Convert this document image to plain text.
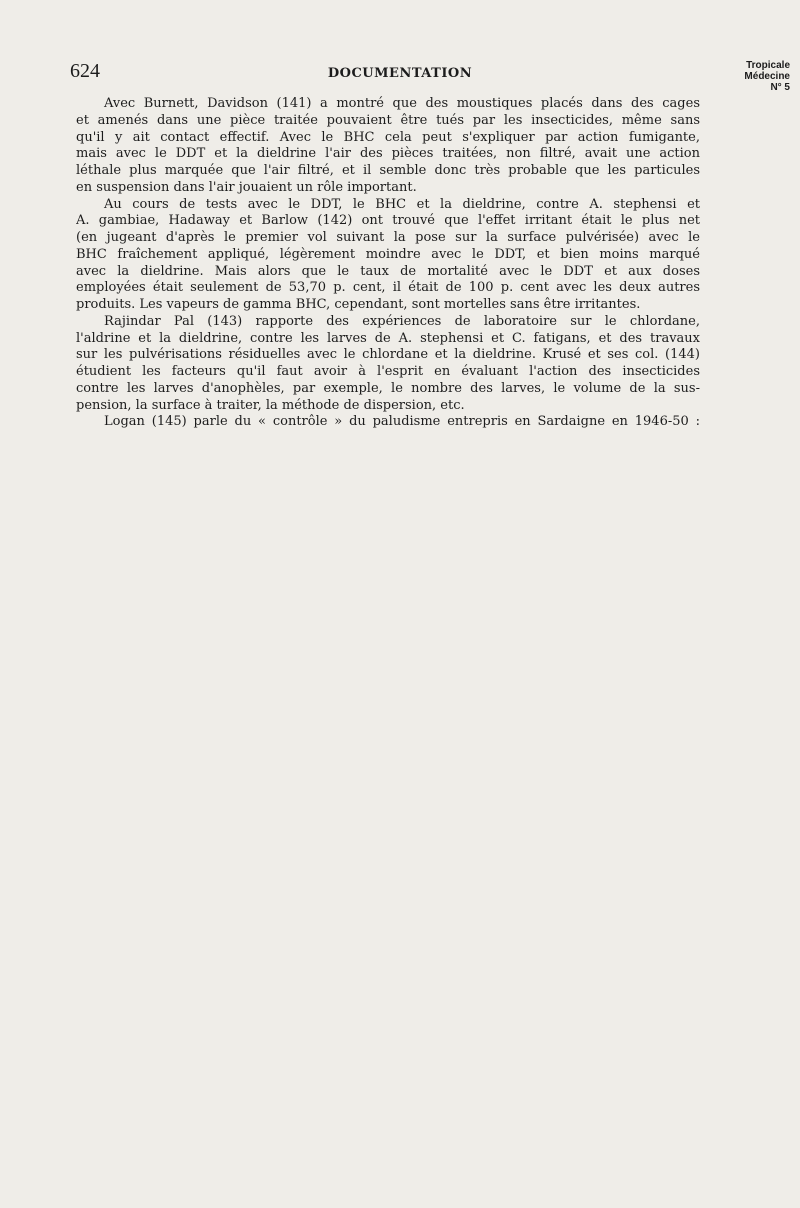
624	DOCUMENTATION
Tropicale
Médecine
N° 5
Avec Burnett, Davidson (141) a montré que des moustiques placés dans des cages
et amenés dans une pièce traitée pouvaient être tués par les insecticides, même sans
qu'il y ait contact effectif. Avec le BHC cela peut s'expliquer par action fumigante,
mais avec le DDT et la dieldrine l'air des pièces traitées, non filtré, avait une action
léthale plus marquée que l'air filtré, et il semble donc très probable que les particules
en suspension dans l'air jouaient un rôle important.
Au cours de tests avec le DDT, le BHC et la dieldrine, contre A. stephensi et
A. gambiae, Hadaway et Barlow (142) ont trouvé que l'effet irritant était le plus net
(en jugeant d'après le premier vol suivant la pose sur la surface pulvérisée) avec le
BHC fraîchement appliqué, légèrement moindre avec le DDT, et bien moins marqué
avec la dieldrine. Mais alors que le taux de mortalité avec le DDT et aux doses
employées était seulement de 53,70 p. cent, il était de 100 p. cent avec les deux autres
produits. Les vapeurs de gamma BHC, cependant, sont mortelles sans être irritantes.
Rajindar Pal (143) rapporte des expériences de laboratoire sur le chlordane,
l'aldrine et la dieldrine, contre les larves de A. stephensi et C. fatigans, et des travaux
sur les pulvérisations résiduelles avec le chlordane et la dieldrine. Krusé et ses col. (144)
étudient les facteurs qu'il faut avoir à l'esprit en évaluant l'action des insecticides
contre les larves d'anophèles, par exemple, le nombre des larves, le volume de la sus-
pension, la surface à traiter, la méthode de dispersion, etc.
Logan (145) parle du « contrôle » du paludisme entrepris en Sardaigne en 1946-50 :
